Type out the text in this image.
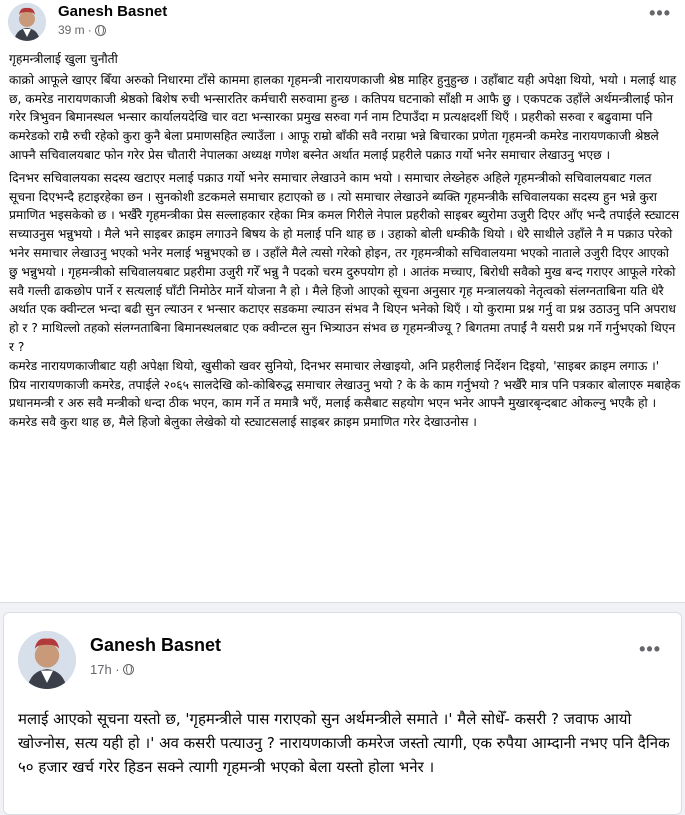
Ganesh Basnet
39 m ·
•••

गृहमन्त्रीलाई खुला चुनौती

काक्रो आफूले खाएर बिँया अरुको निधारमा टाँसे काममा हालका गृहमन्त्री नारायणकाजी श्रेष्ठ माहिर हुनुहुन्छ । उहाँबाट यही अपेक्षा थियो, भयो । मलाई थाह छ, कमरेड नारायणकाजी श्रेष्ठको बिशेष रुची भन्सारतिर कर्मचारी सरुवामा हुन्छ । कतिपय घटनाको साँक्षी म आफै छु । एकपटक उहाँले अर्थमन्त्रीलाई फोन गरेर त्रिभुवन बिमानस्थल भन्सार कार्यालयदेखि चार वटा भन्सारका प्रमुख सरुवा गर्न नाम टिपाउँदा म प्रत्यक्षदर्शी थिएँ । प्रहरीको सरुवा र बढुवामा पनि कमरेडको राम्रै रुची रहेको कुरा कुनै बेला प्रमाणसहित ल्याउँला । आफू राम्रो बाँकी सवै नराम्रा भन्ने बिचारका प्रणेता गृहमन्त्री कमरेड नारायणकाजी श्रेष्ठले आफ्नै सचिवालयबाट फोन गरेर प्रेस चौतारी नेपालका अध्यक्ष गणेश बस्नेत अर्थात मलाई प्रहरीले पक्राउ गर्यो भनेर समाचार लेखाउनु भएछ ।

दिनभर सचिवालयका सदस्य खटाएर मलाई पक्राउ गर्यो भनेर समाचार लेखाउने काम भयो । समाचार लेख्नेहरु अहिले गृहमन्त्रीको सचिवालयबाट गलत सूचना दिएभन्दै हटाइरहेका छन । सुनकोशी डटकमले समाचार हटाएको छ । त्यो समाचार लेखाउने ब्यक्ति गृहमन्त्रीकै सचिवालयका सदस्य हुन भन्ने कुरा प्रमाणित भइसकेको छ । भर्खैरै गृहमन्त्रीका प्रेस सल्लाहकार रहेका मित्र कमल गिरीले नेपाल प्रहरीको साइबर ब्युरोमा उजुरी दिएर आँए भन्दै तपाईले स्ट्याटस सच्याउनुस भन्नुभयो । मैले भने साइबर क्राइम लगाउने बिषय के हो मलाई पनि थाह छ । उहाको बोली धम्कीकै थियो । धेरै साथीले उहाँले नै म पक्राउ परेको भनेर समाचार लेखाउनु भएको भनेर मलाई भन्नुभएको छ । उहाँले मैले त्यसो गरेको होइन, तर गृहमन्त्रीको सचिवालयमा भएको नाताले उजुरी दिएर आएको छु भन्नुभयो । गृहमन्त्रीको सचिवालयबाट प्रहरीमा उजुरी गरेँ भन्नु नै पदको चरम दुरुपयोग हो । आतंक मच्चाए, बिरोधी सवैको मुख बन्द गराएर आफूले गरेको सवै गल्ती ढाकछोप पार्ने र सत्यलाई घाँटी निमोठेर मार्ने योजना नै हो । मैले हिजो आएको सूचना अनुसार गृह मन्त्रालयको नेतृत्वको संलग्नताबिना यति धेरै अर्थात एक क्वीन्टल भन्दा बढी सुन ल्याउन र भन्सार कटाएर सडकमा ल्याउन संभव नै थिएन भनेको थिएँ । यो कुरामा प्रश्न गर्नु वा प्रश्न उठाउनु पनि अपराध हो र ? माथिल्लो तहको संलग्नताबिना बिमानस्थलबाट एक क्वीन्टल सुन भित्र्याउन संभव छ गृहमन्त्रीज्यू ? बिगतमा तपाईं नै यसरी प्रश्न गर्ने गर्नुभएको थिएन र ?

कमरेड नारायणकाजीबाट यही अपेक्षा थियो, खुसीको खवर सुनियो, दिनभर समाचार लेखाइयो, अनि प्रहरीलाई निर्देशन दिइयो, 'साइबर क्राइम लगाऊ ।'

प्रिय नारायणकाजी कमरेड, तपाईले २०६५ सालदेखि को-कोबिरुद्ध समाचार लेखाउनु भयो ? के के काम गर्नुभयो ? भर्खैरै मात्र पनि पत्रकार बोलाएरु मबाहेक प्रधानमन्त्री र अरु सवै मन्त्रीको धन्दा ठीक भएन, काम गर्ने त ममात्रै भएँ, मलाई कसैबाट सहयोग भएन भनेर आफ्नै मुखारबृन्दबाट ओकल्नु भएकै हो । कमरेड सवै कुरा थाह छ, मैले हिजो बेलुका लेखेको यो स्ट्याटसलाई साइबर क्राइम प्रमाणित गरेर देखाउनोस ।

Ganesh Basnet
17h ·
•••
मलाई आएको सूचना यस्तो छ, 'गृहमन्त्रीले पास गराएको सुन अर्थमन्त्रीले समाते ।' मैले सोधेँ- कसरी ? जवाफ आयो खोज्नोस, सत्य यही हो ।' अव कसरी पत्याउनु ? नारायणकाजी कमरेज जस्तो त्यागी, एक रुपैया आम्दानी नभए पनि दैनिक ५० हजार खर्च गरेर हिडन सक्ने त्यागी गृहमन्त्री भएको बेला यस्तो होला भनेर ।
